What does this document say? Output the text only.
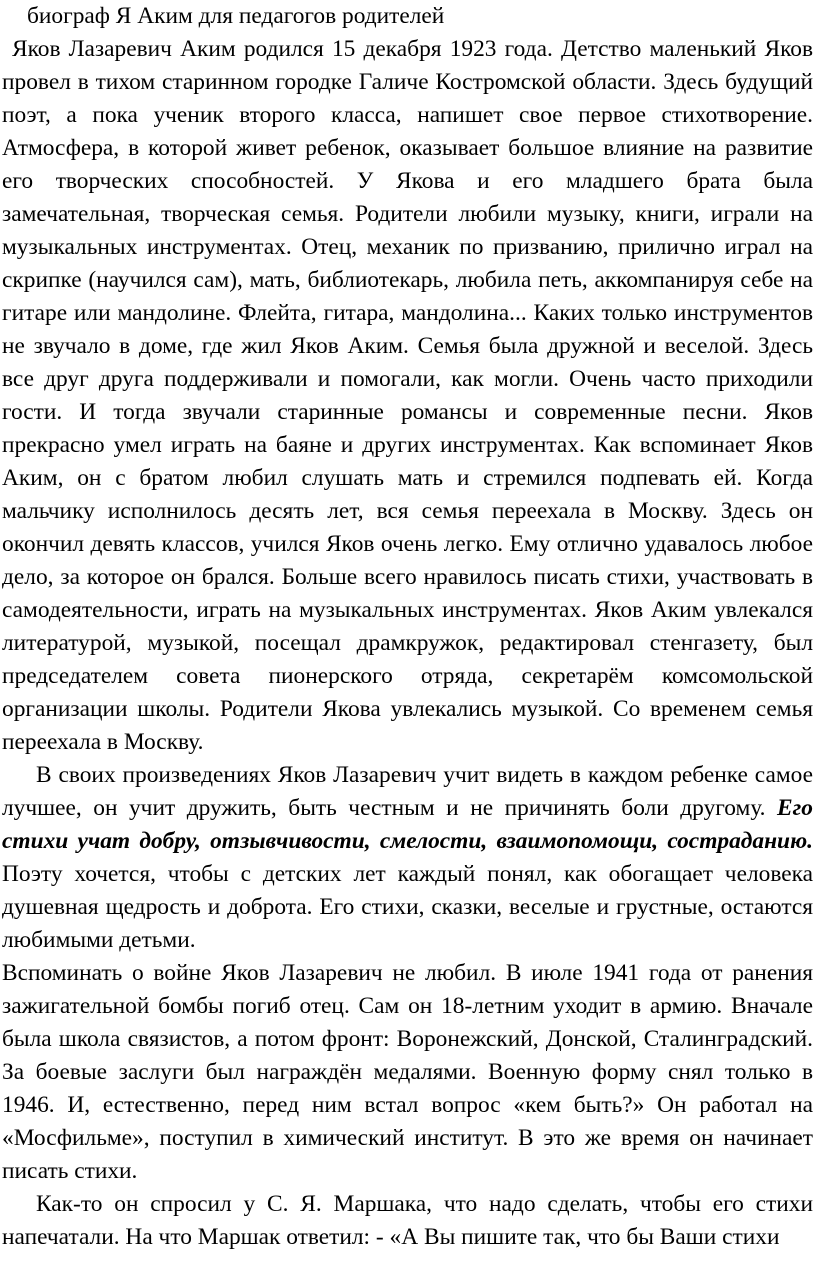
биограф Я Аким для педагогов родителей

Яков Лазаревич Аким родился 15 декабря 1923 года. Детство маленький Яков провел в тихом старинном городке Галиче Костромской области. Здесь будущий поэт, а пока ученик второго класса, напишет свое первое стихотворение. Атмосфера, в которой живет ребенок, оказывает большое влияние на развитие его творческих способностей. У Якова и его младшего брата была замечательная, творческая семья. Родители любили музыку, книги, играли на музыкальных инструментах. Отец, механик по призванию, прилично играл на скрипке (научился сам), мать, библиотекарь, любила петь, аккомпанируя себе на гитаре или мандолине. Флейта, гитара, мандолина... Каких только инструментов не звучало в доме, где жил Яков Аким. Семья была дружной и веселой. Здесь все друг друга поддерживали и помогали, как могли. Очень часто приходили гости. И тогда звучали старинные романсы и современные песни. Яков прекрасно умел играть на баяне и других инструментах. Как вспоминает Яков Аким, он с братом любил слушать мать и стремился подпевать ей. Когда мальчику исполнилось десять лет, вся семья переехала в Москву. Здесь он окончил девять классов, учился Яков очень легко. Ему отлично удавалось любое дело, за которое он брался. Больше всего нравилось писать стихи, участвовать в самодеятельности, играть на музыкальных инструментах. Яков Аким увлекался литературой, музыкой, посещал драмкружок, редактировал стенгазету, был председателем совета пионерского отряда, секретарём комсомольской организации школы. Родители Якова увлекались музыкой. Со временем семья переехала в Москву.

В своих произведениях Яков Лазаревич учит видеть в каждом ребенке самое лучшее, он учит дружить, быть честным и не причинять боли другому. Его стихи учат добру, отзывчивости, смелости, взаимопомощи, состраданию. Поэту хочется, чтобы с детских лет каждый понял, как обогащает человека душевная щедрость и доброта. Его стихи, сказки, веселые и грустные, остаются любимыми детьми.

Вспоминать о войне Яков Лазаревич не любил. В июле 1941 года от ранения зажигательной бомбы погиб отец. Сам он 18-летним уходит в армию. Вначале была школа связистов, а потом фронт: Воронежский, Донской, Сталинградский. За боевые заслуги был награждён медалями. Военную форму снял только в 1946. И, естественно, перед ним встал вопрос «кем быть?» Он работал на «Мосфильме», поступил в химический институт. В это же время он начинает писать стихи.

Как-то он спросил у С. Я. Маршака, что надо сделать, чтобы его стихи напечатали. На что Маршак ответил: - «А Вы пишите так, что бы Ваши стихи
